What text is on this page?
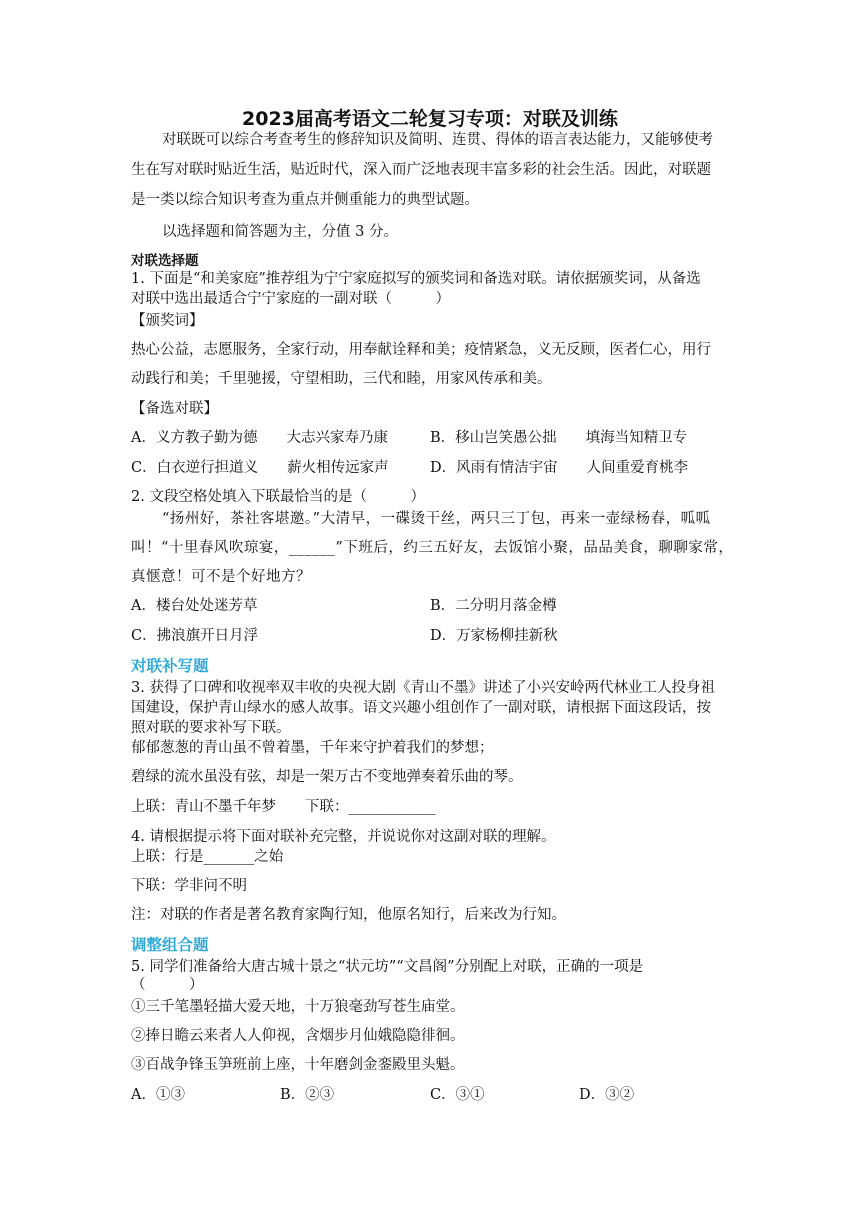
2023届高考语文二轮复习专项：对联及训练
对联既可以综合考查考生的修辞知识及简明、连贯、得体的语言表达能力，又能够使考
生在写对联时贴近生活，贴近时代，深入而广泛地表现丰富多彩的社会生活。因此，对联题
是一类以综合知识考查为重点并侧重能力的典型试题。
以选择题和简答题为主，分值 3 分。
对联选择题
1. 下面是“和美家庭”推荐组为宁宁家庭拟写的颁奖词和备选对联。请依据颁奖词，从备选
对联中选出最适合宁宁家庭的一副对联（　　　）
【颁奖词】
热心公益，志愿服务，全家行动，用奉献诠释和美；疫情紧急，义无反顾，医者仁心，用行
动践行和美；千里驰援，守望相助，三代和睦，用家风传承和美。
【备选对联】
A．义方教子勤为德　　大志兴家寿乃康	B．移山岂笑愚公拙　　填海当知精卫专
C．白衣逆行担道义　　薪火相传远家声	D．风雨有情洁宇宙　　人间重爱育桃李
2. 文段空格处填入下联最恰当的是（　　　）
“扬州好，茶社客堪邀。”大清早，一碟烫干丝，两只三丁包，再来一壶绿杨春，呱呱
叫！“十里春风吹琼宴，______”下班后，约三五好友，去饭馆小聚，品品美食，聊聊家常，
真惬意！可不是个好地方？
A．楼台处处迷芳草	B．二分明月落金樽
C．拂浪旗开日月浮	D．万家杨柳挂新秋
对联补写题
3. 获得了口碑和收视率双丰收的央视大剧《青山不墨》讲述了小兴安岭两代林业工人投身祖
国建设，保护青山绿水的感人故事。语文兴趣小组创作了一副对联，请根据下面这段话，按
照对联的要求补写下联。
郁郁葱葱的青山虽不曾着墨，千年来守护着我们的梦想；
碧绿的流水虽没有弦，却是一架万古不变地弹奏着乐曲的琴。
上联：青山不墨千年梦　　下联：____________
4. 请根据提示将下面对联补充完整，并说说你对这副对联的理解。
上联：行是_______之始
下联：学非问不明
注：对联的作者是著名教育家陶行知，他原名知行，后来改为行知。
调整组合题
5. 同学们准备给大唐古城十景之“状元坊”“文昌阁”分别配上对联，正确的一项是
（　　　）
①三千笔墨轻描大爱天地，十万狼毫劲写苍生庙堂。
②捧日瞻云来者人人仰视，含烟步月仙娥隐隐徘徊。
③百战争锋玉笋班前上座，十年磨剑金銮殿里头魁。
A．①③	B．②③	C．③①	D．③②
